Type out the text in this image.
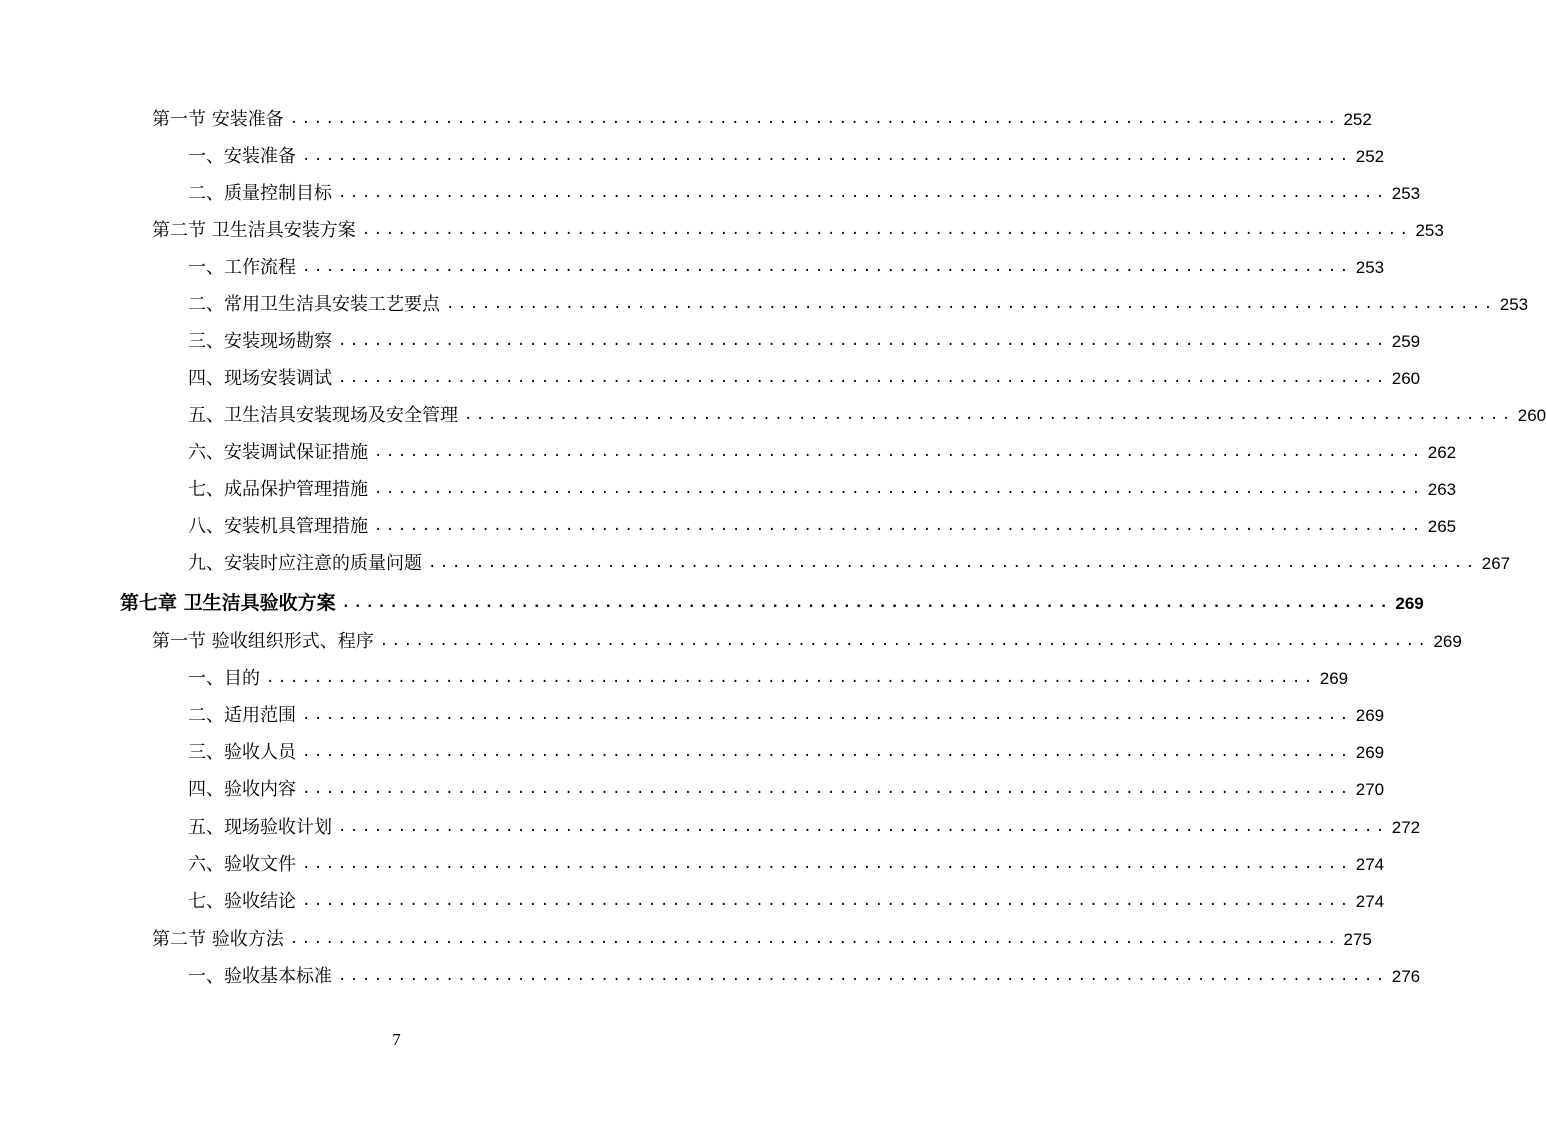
第一节 安装准备 ........................................................................................ 252
一、安装准备 ........................................................................................ 252
二、质量控制目标 ........................................................................................ 253
第二节 卫生洁具安装方案 ........................................................................................ 253
一、工作流程 ........................................................................................ 253
二、常用卫生洁具安装工艺要点 ........................................................................................ 253
三、安装现场勘察 ........................................................................................ 259
四、现场安装调试 ........................................................................................ 260
五、卫生洁具安装现场及安全管理 ........................................................................................ 260
六、安装调试保证措施 ........................................................................................ 262
七、成品保护管理措施 ........................................................................................ 263
八、安装机具管理措施 ........................................................................................ 265
九、安装时应注意的质量问题 ........................................................................................ 267
第七章 卫生洁具验收方案 ........................................................................................ 269
第一节 验收组织形式、程序 ........................................................................................ 269
一、目的 ........................................................................................ 269
二、适用范围 ........................................................................................ 269
三、验收人员 ........................................................................................ 269
四、验收内容 ........................................................................................ 270
五、现场验收计划 ........................................................................................ 272
六、验收文件 ........................................................................................ 274
七、验收结论 ........................................................................................ 274
第二节 验收方法 ........................................................................................ 275
一、验收基本标准 ........................................................................................ 276
7
